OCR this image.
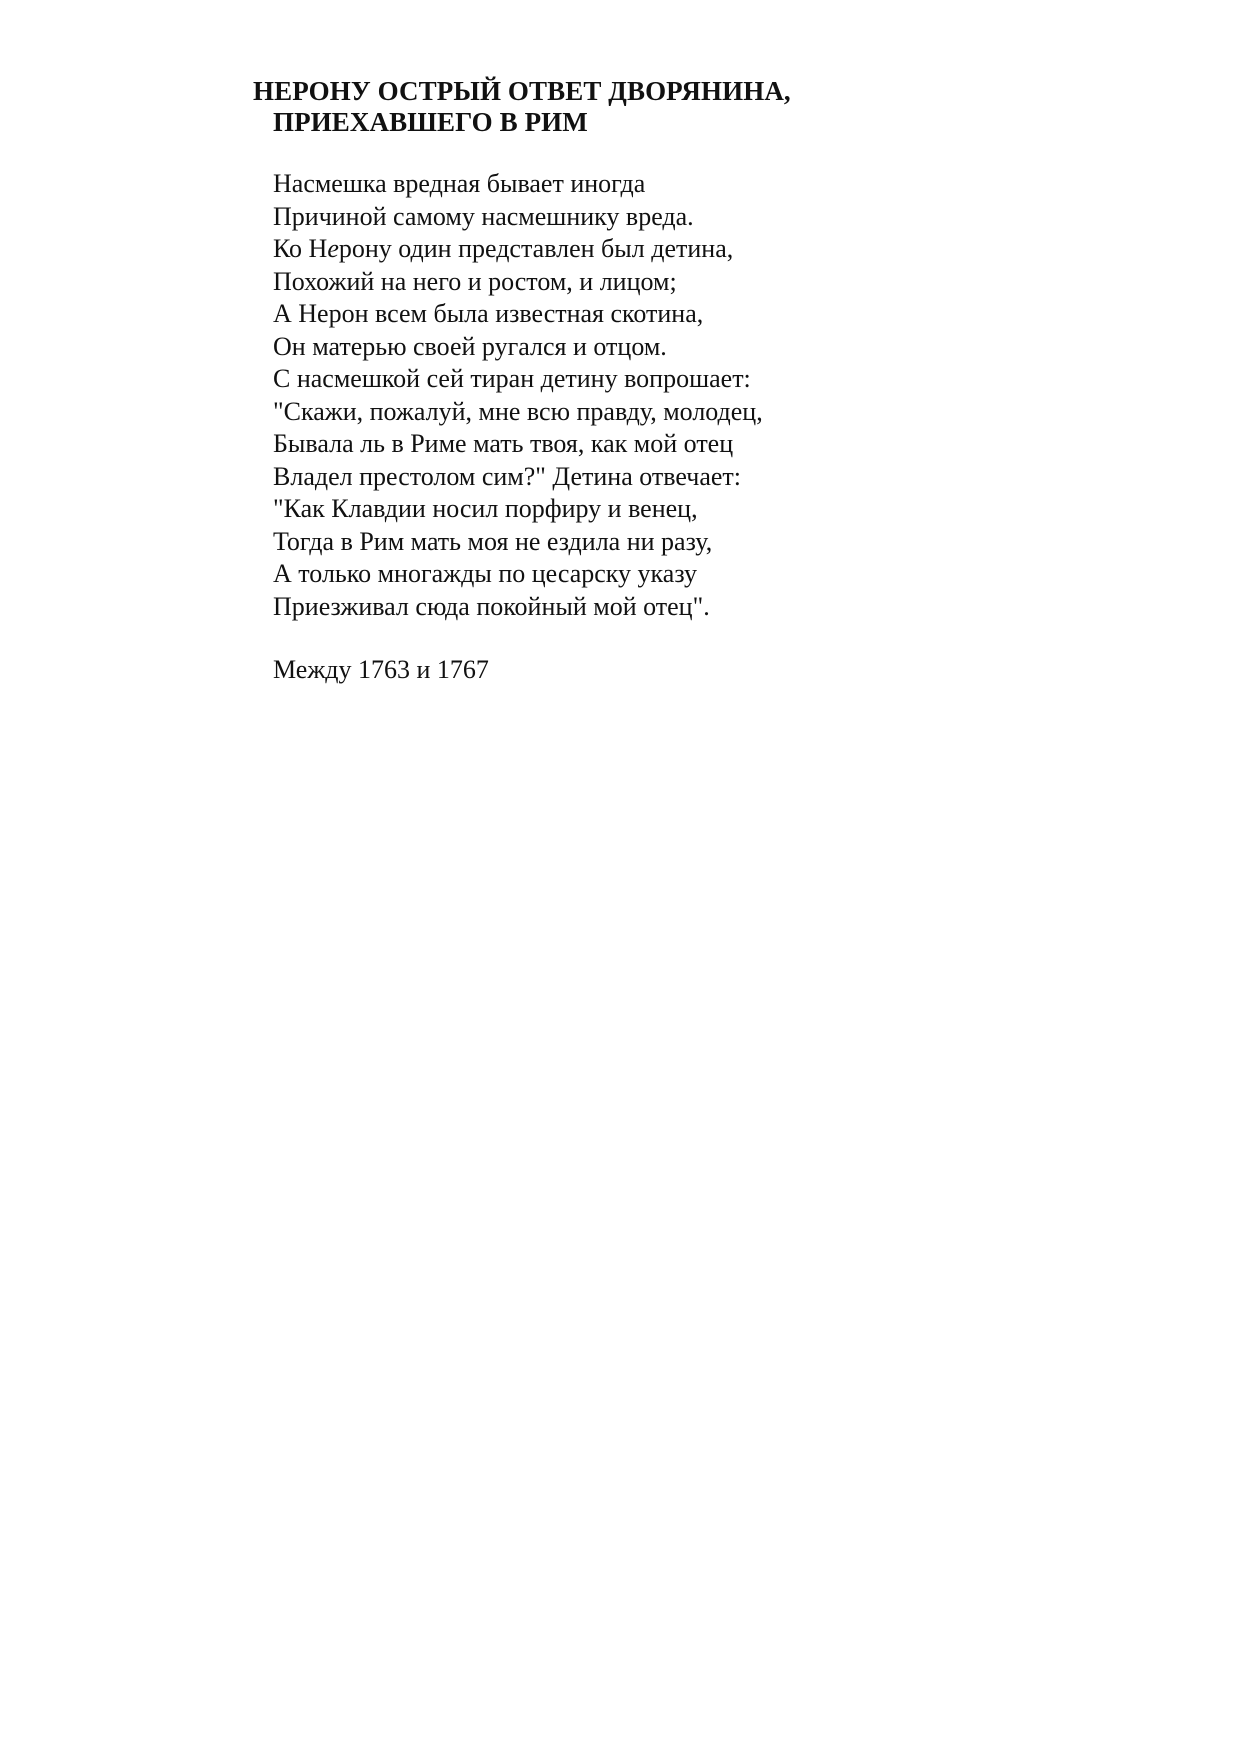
НЕРОНУ ОСТРЫЙ ОТВЕТ ДВОРЯНИНА,
ПРИЕХАВШЕГО В РИМ
Насмешка вредная бывает иногда
Причиной самому насмешнику вреда.
Ко Нерону один представлен был детина,
Похожий на него и ростом, и лицом;
А Нерон всем была известная скотина,
Он матерью своей ругался и отцом.
С насмешкой сей тиран детину вопрошает:
"Скажи, пожалуй, мне всю правду, молодец,
Бывала ль в Риме мать твоя, как мой отец
Владел престолом сим?" Детина отвечает:
"Как Клавдии носил порфиру и венец,
Тогда в Рим мать моя не ездила ни разу,
А только многажды по цесарску указу
Приезживал сюда покойный мой отец".
Между 1763 и 1767
